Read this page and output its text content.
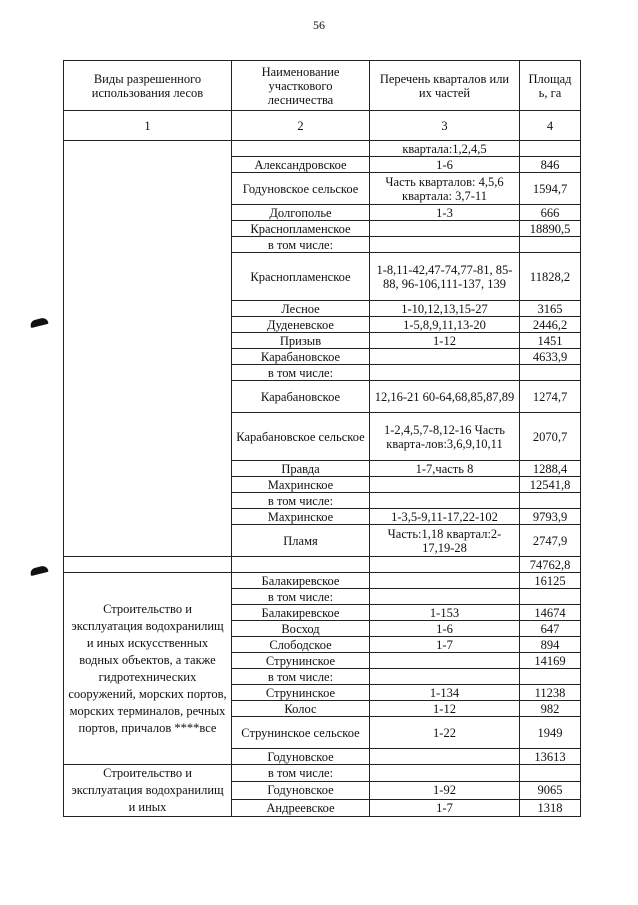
56
Виды разрешенного использования лесов	Наименование участкового лесничества	Перечень кварталов или их частей	Площад ь, га
1	2	3	4
		квартала:1,2,4,5	
	Александровское	1-6	846
	Годуновское сельское	Часть кварталов: 4,5,6 квартала: 3,7-11	1594,7
	Долгополье	1-3	666
	Краснопламенское		18890,5
	в том числе:		
	Краснопламенское	1-8,11-42,47-74,77-81, 85-88, 96-106,111-137, 139	11828,2
	Лесное	1-10,12,13,15-27	3165
	Дуденевское	1-5,8,9,11,13-20	2446,2
	Призыв	1-12	1451
	Карабановское		4633,9
	в том числе:		
	Карабановское	12,16-21 60-64,68,85,87,89	1274,7
	Карабановское сельское	1-2,4,5,7-8,12-16 Часть кварта-лов:3,6,9,10,11	2070,7
	Правда	1-7,часть 8	1288,4
	Махринское		12541,8
	в том числе:		
	Махринское	1-3,5-9,11-17,22-102	9793,9
	Пламя	Часть:1,18 квартал:2-17,19-28	2747,9
			74762,8
Строительство и эксплуатация водохранилищ и иных искусственных водных объектов, а также гидротехнических сооружений, морских портов, морских терминалов, речных портов, причалов ****все	Балакиревское		16125
	в том числе:		
	Балакиревское	1-153	14674
	Восход	1-6	647
	Слободское	1-7	894
	Струнинское		14169
	в том числе:		
	Струнинское	1-134	11238
	Колос	1-12	982
	Струнинское сельское	1-22	1949
	Годуновское		13613
Строительство и эксплуатация водохранилищ и иных	в том числе:		
	Годуновское	1-92	9065
	Андреевское	1-7	1318
